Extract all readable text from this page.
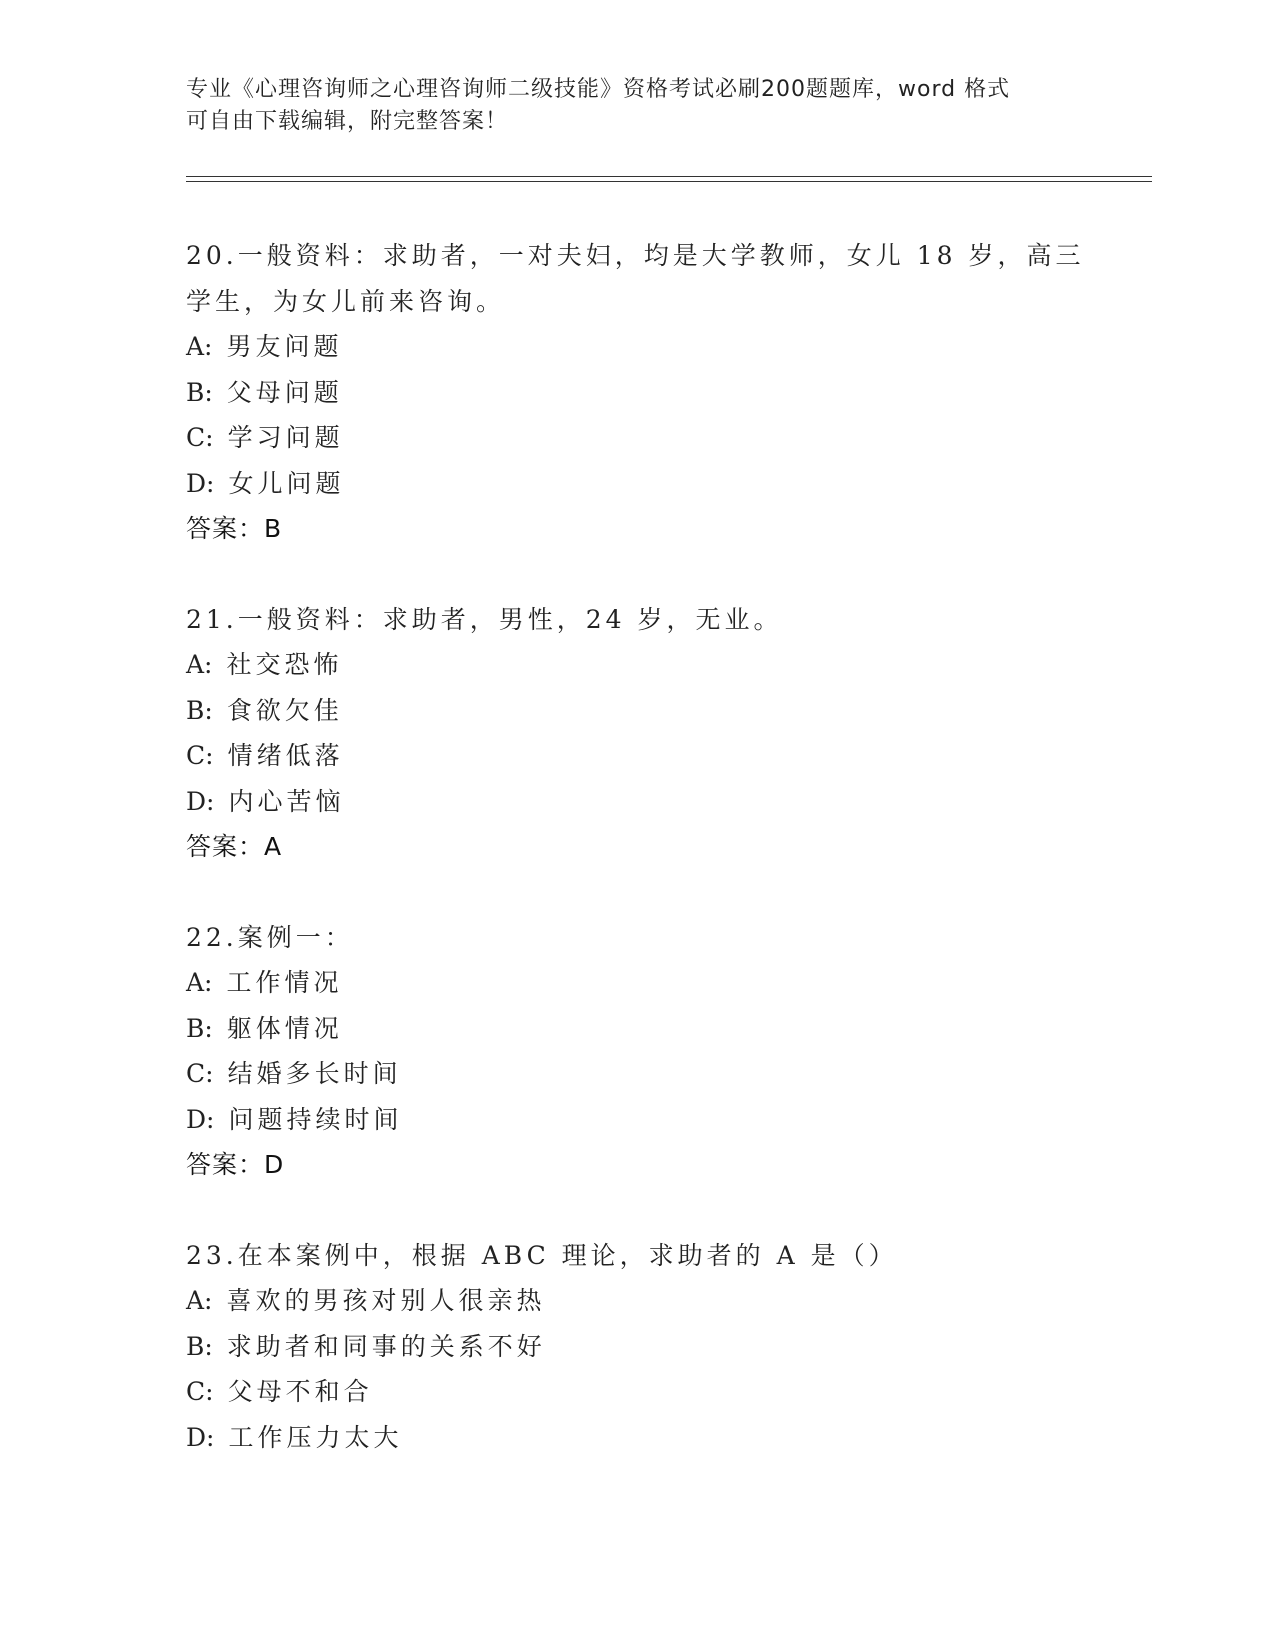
专业《心理咨询师之心理咨询师二级技能》资格考试必刷200题题库，word 格式
可自由下载编辑，附完整答案！
20.一般资料：求助者，一对夫妇，均是大学教师，女儿 18 岁，高三
学生，为女儿前来咨询。
A: 男友问题
B: 父母问题
C: 学习问题
D: 女儿问题
答案：B
21.一般资料：求助者，男性，24 岁，无业。
A: 社交恐怖
B: 食欲欠佳
C: 情绪低落
D: 内心苦恼
答案：A
22.案例一：
A: 工作情况
B: 躯体情况
C: 结婚多长时间
D: 问题持续时间
答案：D
23.在本案例中，根据 ABC 理论，求助者的 A 是（）
A: 喜欢的男孩对别人很亲热
B: 求助者和同事的关系不好
C: 父母不和合
D: 工作压力太大
